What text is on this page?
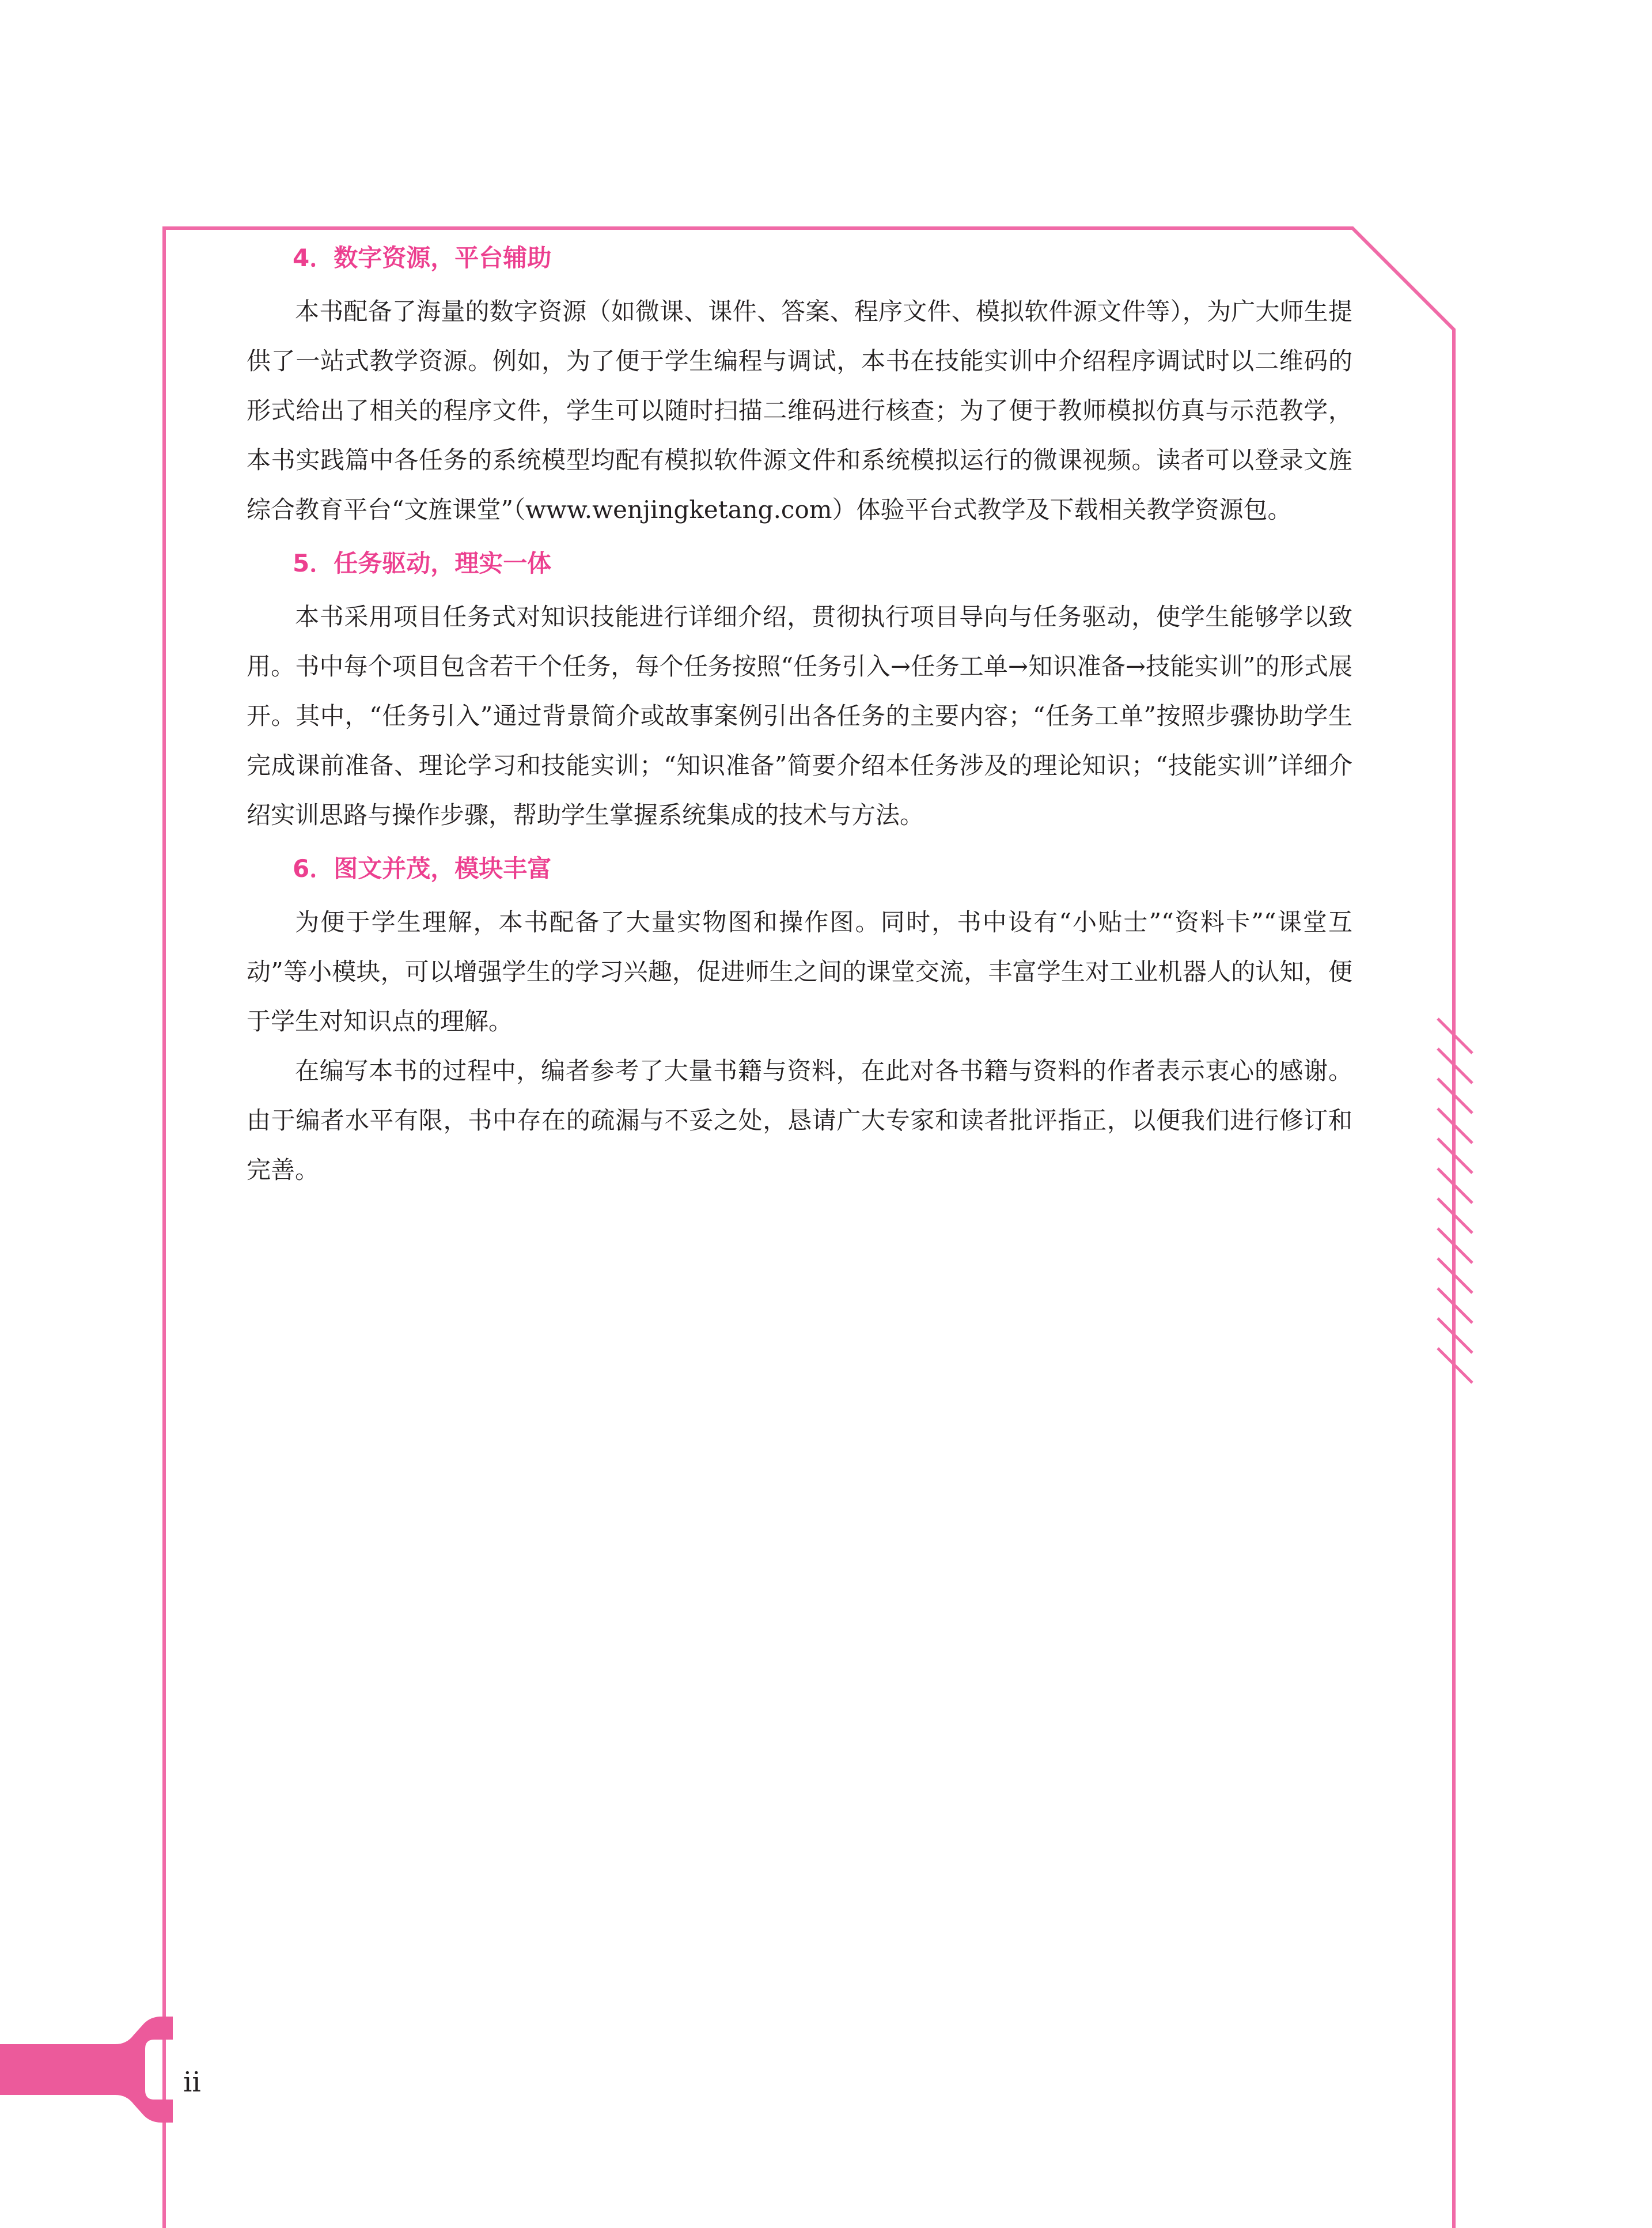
4．数字资源，平台辅助

本书配备了海量的数字资源（如微课、课件、答案、程序文件、模拟软件源文件等），为广大师生提供了一站式教学资源。例如，为了便于学生编程与调试，本书在技能实训中介绍程序调试时以二维码的形式给出了相关的程序文件，学生可以随时扫描二维码进行核查；为了便于教师模拟仿真与示范教学，本书实践篇中各任务的系统模型均配有模拟软件源文件和系统模拟运行的微课视频。读者可以登录文旌综合教育平台“文旌课堂”（www.wenjingketang.com）体验平台式教学及下载相关教学资源包。

5．任务驱动，理实一体

本书采用项目任务式对知识技能进行详细介绍，贯彻执行项目导向与任务驱动，使学生能够学以致用。书中每个项目包含若干个任务，每个任务按照“任务引入→任务工单→知识准备→技能实训”的形式展开。其中，“任务引入”通过背景简介或故事案例引出各任务的主要内容；“任务工单”按照步骤协助学生完成课前准备、理论学习和技能实训；“知识准备”简要介绍本任务涉及的理论知识；“技能实训”详细介绍实训思路与操作步骤，帮助学生掌握系统集成的技术与方法。

6．图文并茂，模块丰富

为便于学生理解，本书配备了大量实物图和操作图。同时，书中设有“小贴士”“资料卡”“课堂互动”等小模块，可以增强学生的学习兴趣，促进师生之间的课堂交流，丰富学生对工业机器人的认知，便于学生对知识点的理解。

在编写本书的过程中，编者参考了大量书籍与资料，在此对各书籍与资料的作者表示衷心的感谢。由于编者水平有限，书中存在的疏漏与不妥之处，恳请广大专家和读者批评指正，以便我们进行修订和完善。

ii
